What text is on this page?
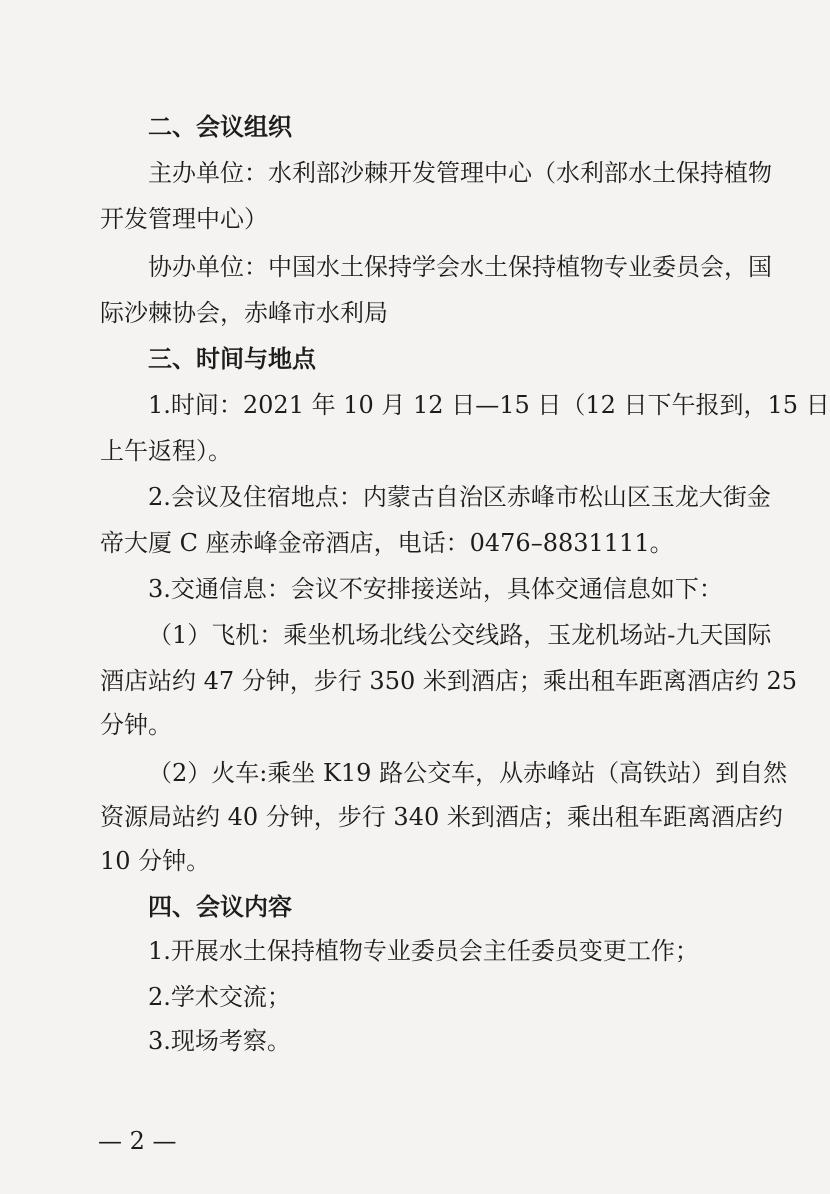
二、会议组织
主办单位：水利部沙棘开发管理中心（水利部水土保持植物
开发管理中心）
协办单位：中国水土保持学会水土保持植物专业委员会，国
际沙棘协会，赤峰市水利局
三、时间与地点
1.时间：2021 年 10 月 12 日—15 日（12 日下午报到，15 日
上午返程）。
2.会议及住宿地点：内蒙古自治区赤峰市松山区玉龙大街金
帝大厦 C 座赤峰金帝酒店，电话：0476–8831111。
3.交通信息：会议不安排接送站，具体交通信息如下：
（1）飞机：乘坐机场北线公交线路，玉龙机场站-九天国际
酒店站约 47 分钟，步行 350 米到酒店；乘出租车距离酒店约 25
分钟。
（2）火车:乘坐 K19 路公交车，从赤峰站（高铁站）到自然
资源局站约 40 分钟，步行 340 米到酒店；乘出租车距离酒店约
10 分钟。
四、会议内容
1.开展水土保持植物专业委员会主任委员变更工作；
2.学术交流；
3.现场考察。
— 2 —
